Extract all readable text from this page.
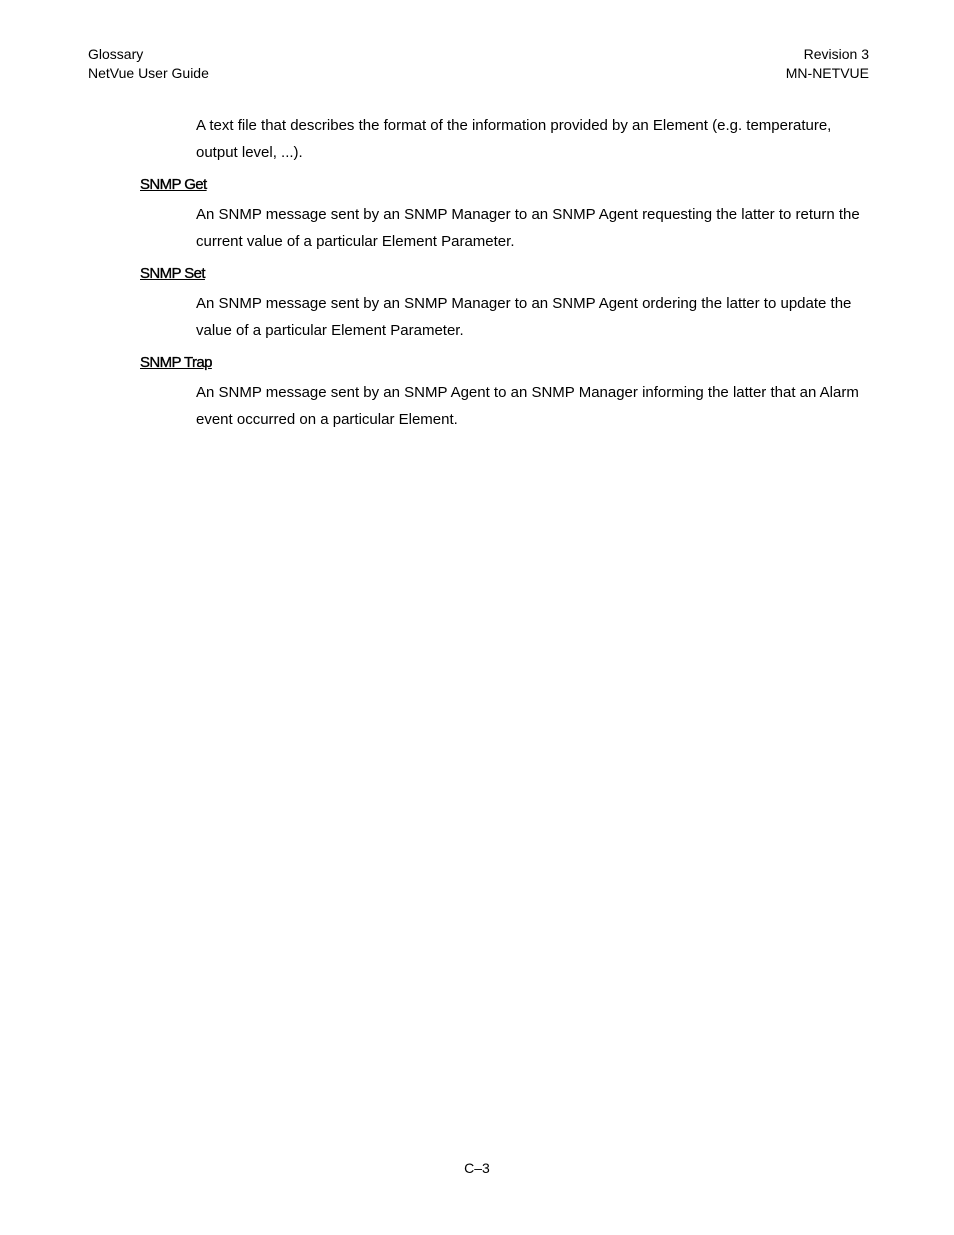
Glossary
NetVue User Guide
Revision 3
MN-NETVUE

A text file that describes the format of the information provided by an Element (e.g. temperature, output level, ...).

SNMP Get

An SNMP message sent by an SNMP Manager to an SNMP Agent requesting the latter to return the current value of a particular Element Parameter.

SNMP Set

An SNMP message sent by an SNMP Manager to an SNMP Agent ordering the latter to update the value of a particular Element Parameter.

SNMP Trap

An SNMP message sent by an SNMP Agent to an SNMP Manager informing the latter that an Alarm event occurred on a particular Element.

C–3
